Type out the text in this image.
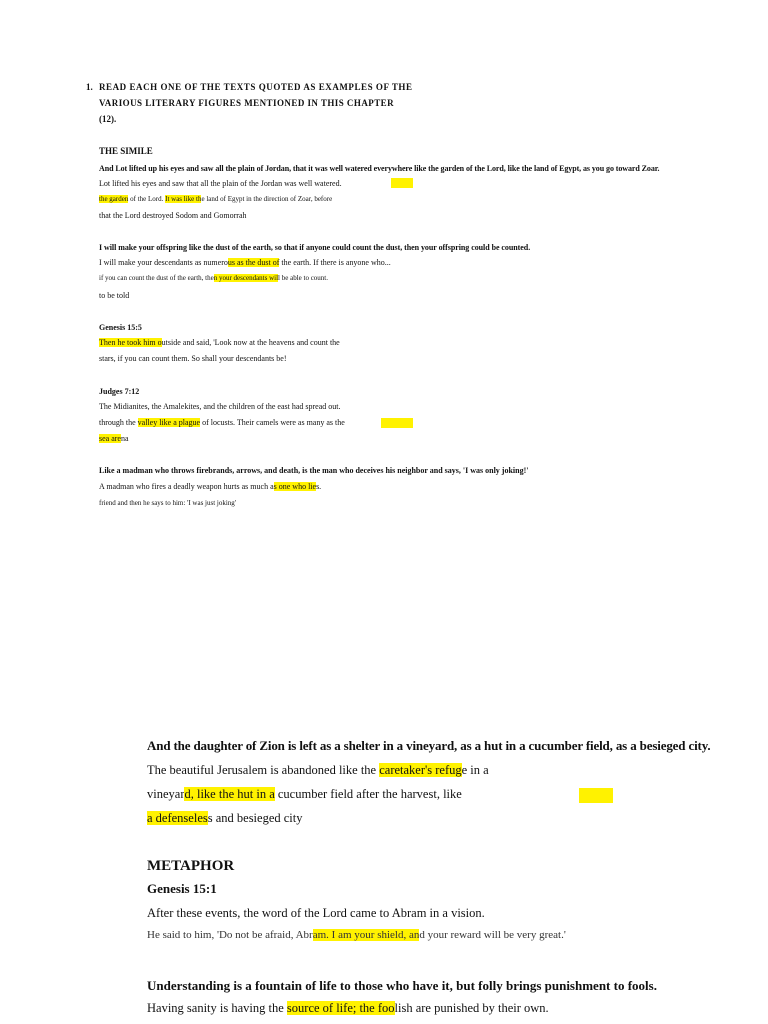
1. READ EACH ONE OF THE TEXTS QUOTED AS EXAMPLES OF THE
VARIOUS LITERARY FIGURES MENTIONED IN THIS CHAPTER
(12).
THE SIMILE
And Lot lifted up his eyes and saw all the plain of Jordan, that it was well watered everywhere like the garden of the Lord, like the land of Egypt, as you go toward Zoar.
Lot lifted his eyes and saw that all the plain of the Jordan was well watered.
the garden of the Lord. It was like the land of Egypt in the direction of Zoar, before
that the Lord destroyed Sodom and Gomorrah
I will make your offspring like the dust of the earth, so that if anyone could count the dust, then your offspring could be counted.
I will make your descendants as numerous as the dust of the earth. If there is anyone who...
if you can count the dust of the earth, then your descendants will be able to count.
to be told
Genesis 15:5
Then he took him outside and said, 'Look now at the heavens and count the
stars, if you can count them. So shall your descendants be!
Judges 7:12
The Midianites, the Amalekites, and the children of the east had spread out.
through the valley like a plague of locusts. Their camels were as many as the
sea arena
Like a madman who throws firebrands, arrows, and death, is the man who deceives his neighbor and says, 'I was only joking!'
A madman who fires a deadly weapon hurts as much as one who lies.
friend and then he says to him: 'I was just joking'
And the daughter of Zion is left as a shelter in a vineyard, as a hut in a cucumber field, as a besieged city.
The beautiful Jerusalem is abandoned like the caretaker's refuge in a
vineyard, like the hut in a cucumber field after the harvest, like
a defenseless and besieged city
METAPHOR
Genesis 15:1
After these events, the word of the Lord came to Abram in a vision.
He said to him, 'Do not be afraid, Abram. I am your shield, and your reward will be very great.'
Understanding is a fountain of life to those who have it, but folly brings punishment to fools.
Having sanity is having the source of life; the foolish are punished by their own.
